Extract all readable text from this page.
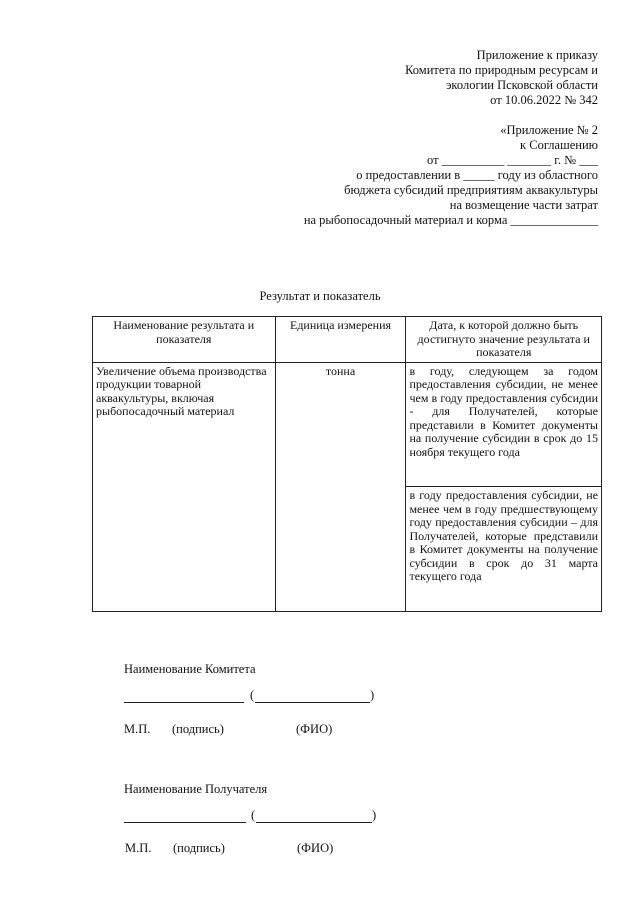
Приложение к приказу
Комитета по природным ресурсам и
экологии Псковской области
от 10.06.2022 № 342
«Приложение № 2
к Соглашению
от __________ _______ г. № ___
о предоставлении в _____ году из областного
бюджета субсидий предприятиям аквакультуры
на возмещение части затрат
на рыбопосадочный материал и корма ______________
Результат и показатель
Наименование результата и показателя	Единица измерения	Дата, к которой должно быть достигнуто значение результата и показателя
Увеличение объема производства продукции товарной аквакультуры, включая рыбопосадочный материал	тонна	в году, следующем за годом предоставления субсидии, не менее чем в году предоставления субсидии - для Получателей, которые представили в Комитет документы на получение субсидии в срок до 15 ноября текущего года
		в году предоставления субсидии, не менее чем в году предшествующему году предоставления субсидии – для Получателей, которые представили в Комитет документы на получение субсидии в срок до 31 марта текущего года
Наименование Комитета
(	)
М.П. (подпись)	(ФИО)
Наименование Получателя
(	)
М.П. (подпись)	(ФИО)
